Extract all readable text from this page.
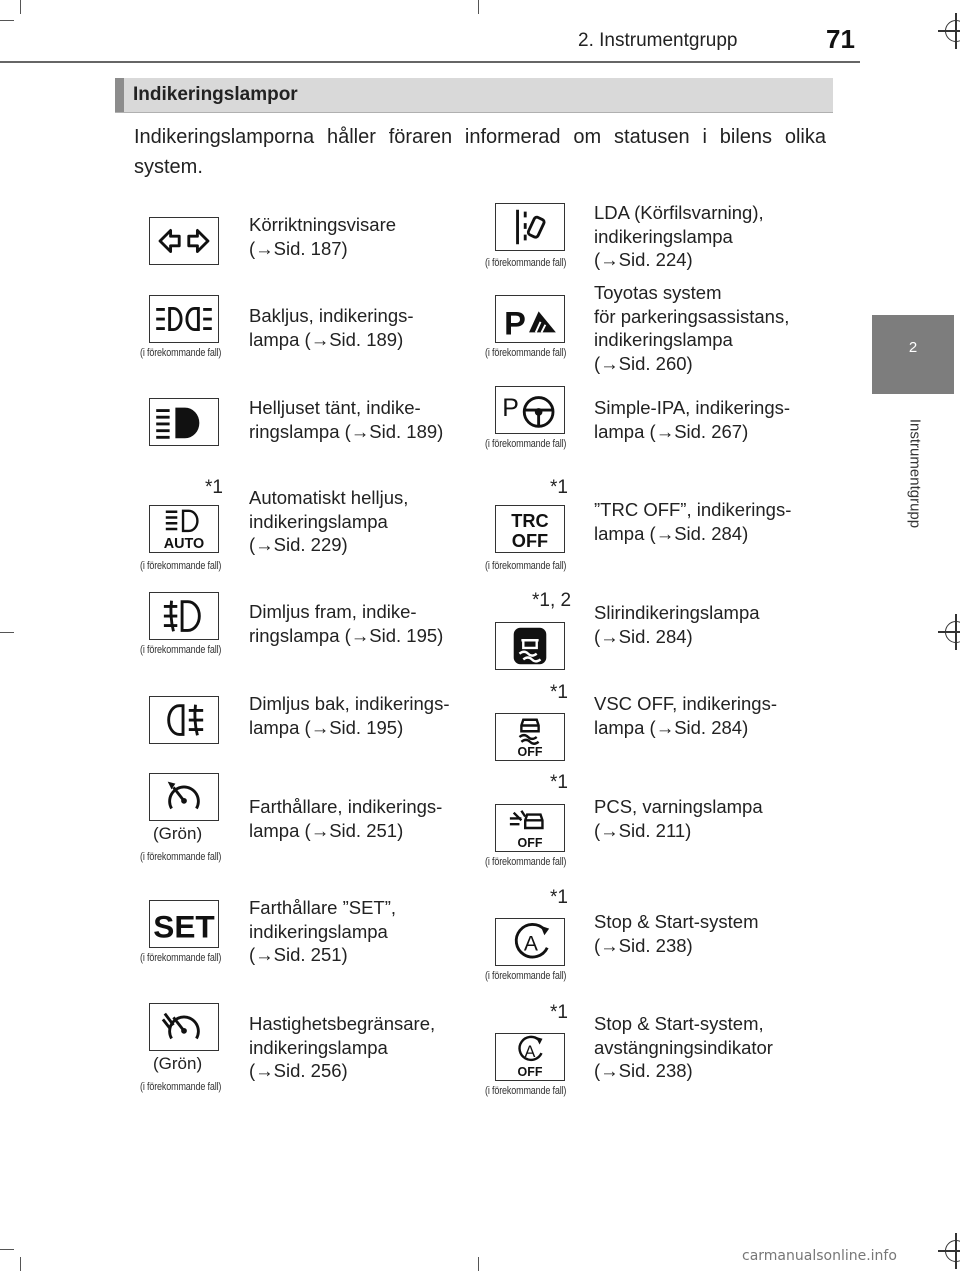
2. Instrumentgrupp	71
2
Instrumentgrupp
Indikeringslampor
Indikeringslamporna håller föraren informerad om statusen i bilens olika system.
Körriktningsvisare
(→Sid. 187)
(i förekommande fall)
Bakljus, indikerings-
lampa (→Sid. 189)
Helljuset tänt, indike-
ringslampa (→Sid. 189)
*1
AUTO
(i förekommande fall)
Automatiskt helljus,
indikeringslampa
(→Sid. 229)
(i förekommande fall)
Dimljus fram, indike-
ringslampa (→Sid. 195)
Dimljus bak, indikerings-
lampa (→Sid. 195)
(Grön)
(i förekommande fall)
Farthållare, indikerings-
lampa (→Sid. 251)
SET
(i förekommande fall)
Farthållare ”SET”,
indikeringslampa
(→Sid. 251)
(Grön)
(i förekommande fall)
Hastighetsbegränsare,
indikeringslampa
(→Sid. 256)
(i förekommande fall)
LDA (Körfilsvarning),
indikeringslampa
(→Sid. 224)
P
(i förekommande fall)
Toyotas system
för parkeringsassistans,
indikeringslampa
(→Sid. 260)
P
(i förekommande fall)
Simple-IPA, indikerings-
lampa (→Sid. 267)
*1
TRC
OFF
(i förekommande fall)
”TRC OFF”, indikerings-
lampa (→Sid. 284)
*1, 2
Slirindikeringslampa
(→Sid. 284)
*1
OFF
VSC OFF, indikerings-
lampa (→Sid. 284)
*1
OFF
(i förekommande fall)
PCS, varningslampa
(→Sid. 211)
*1
A
(i förekommande fall)
Stop & Start-system
(→Sid. 238)
*1
A
OFF
(i förekommande fall)
Stop & Start-system,
avstängningsindikator
(→Sid. 238)
carmanualsonline.info
